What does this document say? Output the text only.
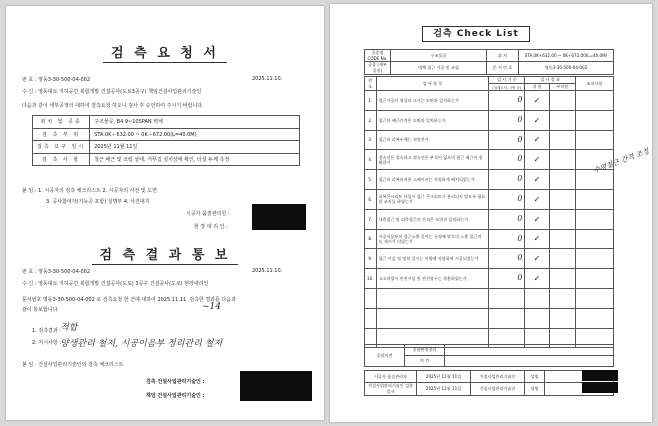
검 측 요 청 서
번 호 : 명동3-30-500-04-002	2025.11.10.
수 신 : 영동대로 지하공간 복합개발 건설공사(도로3공구) 책임건설사업관리기술인
다음과 같이 세부공정의 대하여 검측요청 하오니 검사 후 승인하여 주시기 바랍니다.
위치 및 공종	구조물공, B4 9~10SPAN 벽체
검 측 부 위	STA.0K＋632.00 ~ 0K＋672.00(L=40.0M)
검측 요구 일시	2025년 11월 11일
검 측 사 항	철근 배근 및 조립 상태, 거푸집 설치상태 확인, 타설 두께 측정
붙 임 : 1. 시공자의 검측 체크리스트 2. 시공자의 사전 및 도면
3. 공사참여자(기능공 포함) 실명부 4. 사진대지
시공자 품질관리원 :
현 장 대 리 인 :
검 측 결 과 통 보
번 호 : 명동3-30-500-04-002	2025.11.10.
수 신 : 영동대로 지하공간 복합개발 건설공사(도로) 3공구 건설공사(도로) 현장대리인
문서번호 명동3-30-500-04-002 로 검측요청 한 건에 대하여 2025.11.11. 검측한 결과를 다음과
같이 통보합니다.	~14
1. 검측결과 : 적합
2. 지시사항 : 양생관리 철저, 시공이음부 정리관리 철저
붙 임 : 건설사업관리기술인의 검측 체크리스트
검측 건설사업관리기술인 :
책임 건설사업관리기술인 :
검측 Check List
공종명 CODE No.	구조물공	위 치	STA.0K+632.00 ~ 0K+672.00(L=40.0M)
공종 (세부공종)	벽체 철근 가공 및 조립	문 서 번 호	명동3-30-500-04-002
번호	검 사 항 목	검 사 기 준	검 사 결 과		조치사항
		(설계도서, 시방 등)	적 합	부적합	
1.	철근가공의 형상과 크기는 도면과 일치하는가	0	✓		
2.	철근의 배근간격은 도면과 일치하는가	0	✓		
3.	철근의 피복두께는 적정한가	0	✓		
4.	결속선은 결속하고 결속선은 부식이 없으며 철근 배근이 정확한가	0	✓		
5.	철근의 피복유지용 스페이서는 적정하게 배치되었는가	0	✓		
6.	피복콘크리트 타설시 철근 콘크리트가 분리되지 않도록 필요한 조치를 하였는가	0	✓		
7.	내측철근 및 외측철근의 간격은 도면과 일치하는가	0	✓		
8.	시공이음부의 철근노출 길이는 규정에 맞으며 노출 철근의 녹 제거가 되었는가	0	✓		
9.	철근 이음 및 정착 길이는 시방에 적합하며 시공되었는가	0	✓		
10.	고소작업시 안전시설 및 안전장구는 착용하였는가	0	✓		

수평철근 간격 조정
종합의견	종합판정결과	
	의 견	
시공자 품질관리자	2025년 11월 11일	건설사업관리기술인	성명	
건설사업관리기술인 검측일자	2025년 11월 11일	건설사업관리기술인	성명	
